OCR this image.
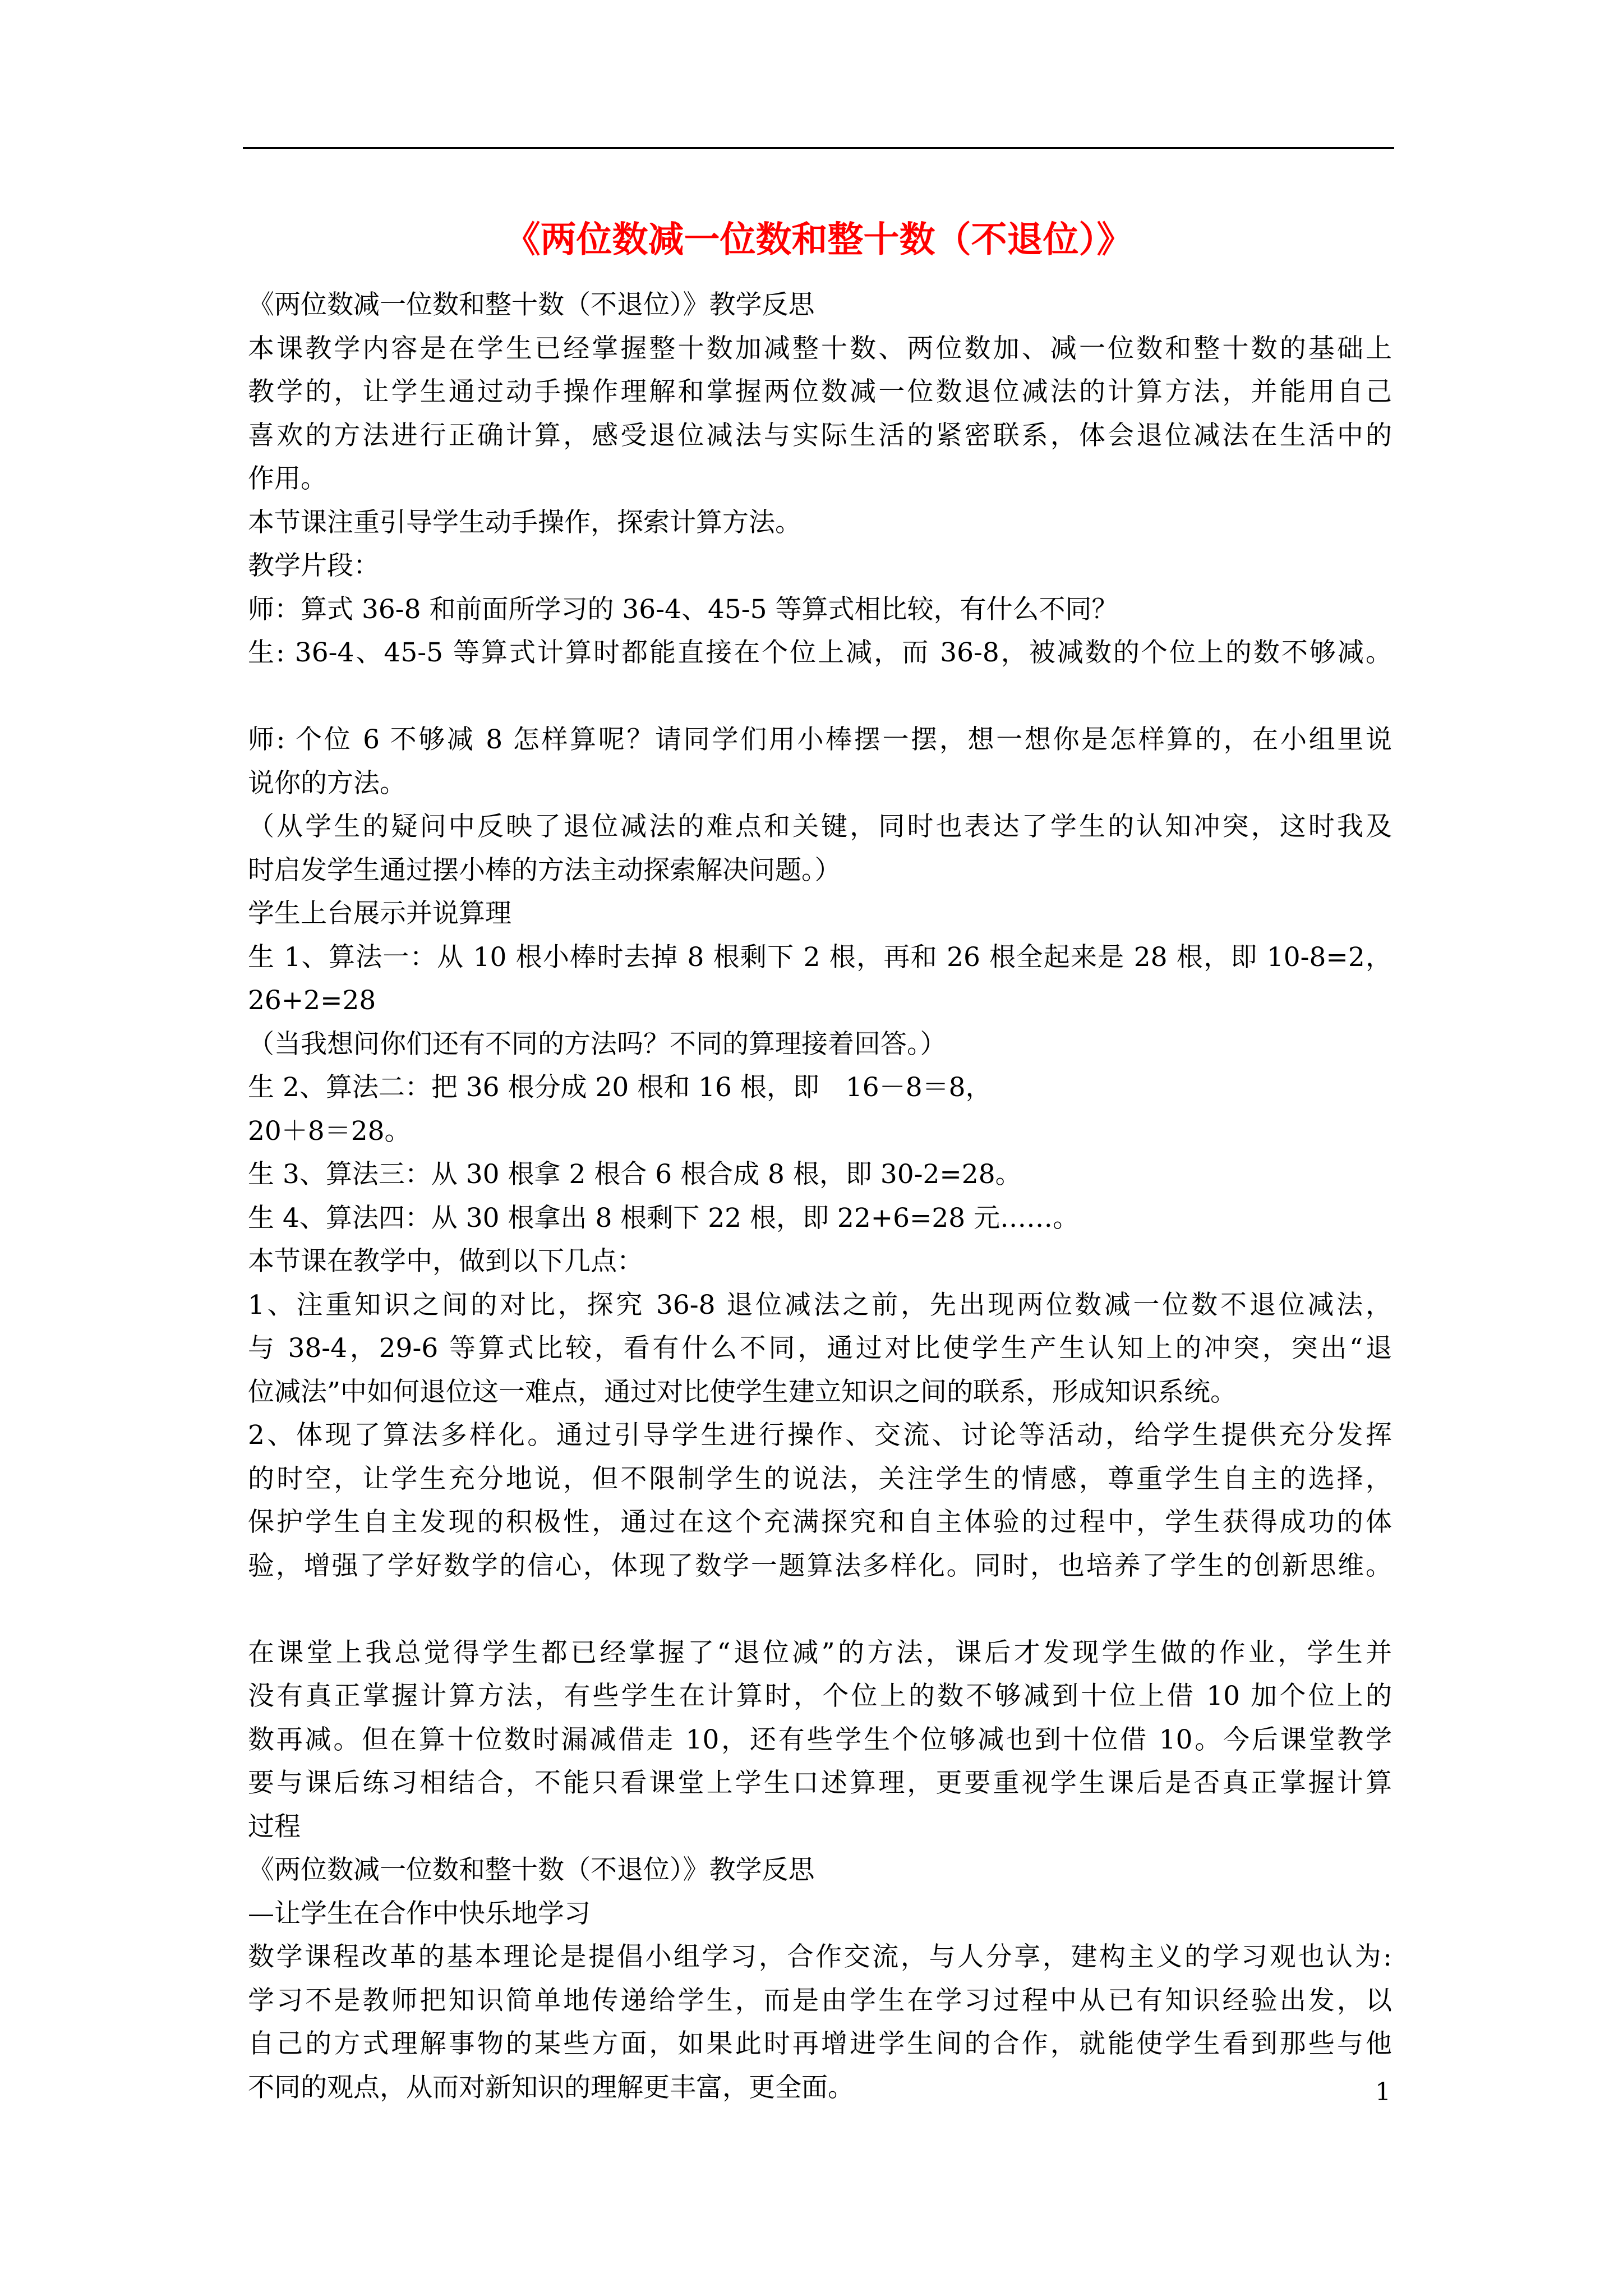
《两位数减一位数和整十数（不退位）》
《两位数减一位数和整十数（不退位）》教学反思
本课教学内容是在学生已经掌握整十数加减整十数、两位数加、减一位数和整十数的基础上
教学的，让学生通过动手操作理解和掌握两位数减一位数退位减法的计算方法，并能用自己
喜欢的方法进行正确计算，感受退位减法与实际生活的紧密联系，体会退位减法在生活中的
作用。
本节课注重引导学生动手操作，探索计算方法。
教学片段：
师：算式 36-8 和前面所学习的 36-4、45-5 等算式相比较，有什么不同？
生: 36-4、45-5 等算式计算时都能直接在个位上减，而 36-8，被减数的个位上的数不够减。
师: 个位 6 不够减 8 怎样算呢？请同学们用小棒摆一摆，想一想你是怎样算的，在小组里说
说你的方法。
（从学生的疑问中反映了退位减法的难点和关键，同时也表达了学生的认知冲突，这时我及
时启发学生通过摆小棒的方法主动探索解决问题。）
学生上台展示并说算理
生 1、算法一：从 10 根小棒时去掉 8 根剩下 2 根，再和 26 根全起来是 28 根，即 10-8=2，
26+2=28
（当我想问你们还有不同的方法吗？不同的算理接着回答。）
生 2、算法二：把 36 根分成 20 根和 16 根，即　16－8＝8，
20＋8＝28。
生 3、算法三：从 30 根拿 2 根合 6 根合成 8 根，即 30-2=28。
生 4、算法四：从 30 根拿出 8 根剩下 22 根，即 22+6=28 元……。
本节课在教学中，做到以下几点：
1、注重知识之间的对比，探究 36-8 退位减法之前，先出现两位数减一位数不退位减法，
与 38-4，29-6 等算式比较，看有什么不同，通过对比使学生产生认知上的冲突，突出“退
位减法”中如何退位这一难点，通过对比使学生建立知识之间的联系，形成知识系统。
2、体现了算法多样化。通过引导学生进行操作、交流、讨论等活动，给学生提供充分发挥
的时空，让学生充分地说，但不限制学生的说法，关注学生的情感，尊重学生自主的选择，
保护学生自主发现的积极性，通过在这个充满探究和自主体验的过程中，学生获得成功的体
验，增强了学好数学的信心，体现了数学一题算法多样化。同时，也培养了学生的创新思维。
在课堂上我总觉得学生都已经掌握了“退位减”的方法，课后才发现学生做的作业，学生并
没有真正掌握计算方法，有些学生在计算时，个位上的数不够减到十位上借 10 加个位上的
数再减。但在算十位数时漏减借走 10，还有些学生个位够减也到十位借 10。今后课堂教学
要与课后练习相结合，不能只看课堂上学生口述算理，更要重视学生课后是否真正掌握计算
过程
《两位数减一位数和整十数（不退位）》教学反思
—让学生在合作中快乐地学习
数学课程改革的基本理论是提倡小组学习，合作交流，与人分享，建构主义的学习观也认为:
学习不是教师把知识简单地传递给学生，而是由学生在学习过程中从已有知识经验出发，以
自己的方式理解事物的某些方面，如果此时再增进学生间的合作，就能使学生看到那些与他
不同的观点，从而对新知识的理解更丰富，更全面。	1
